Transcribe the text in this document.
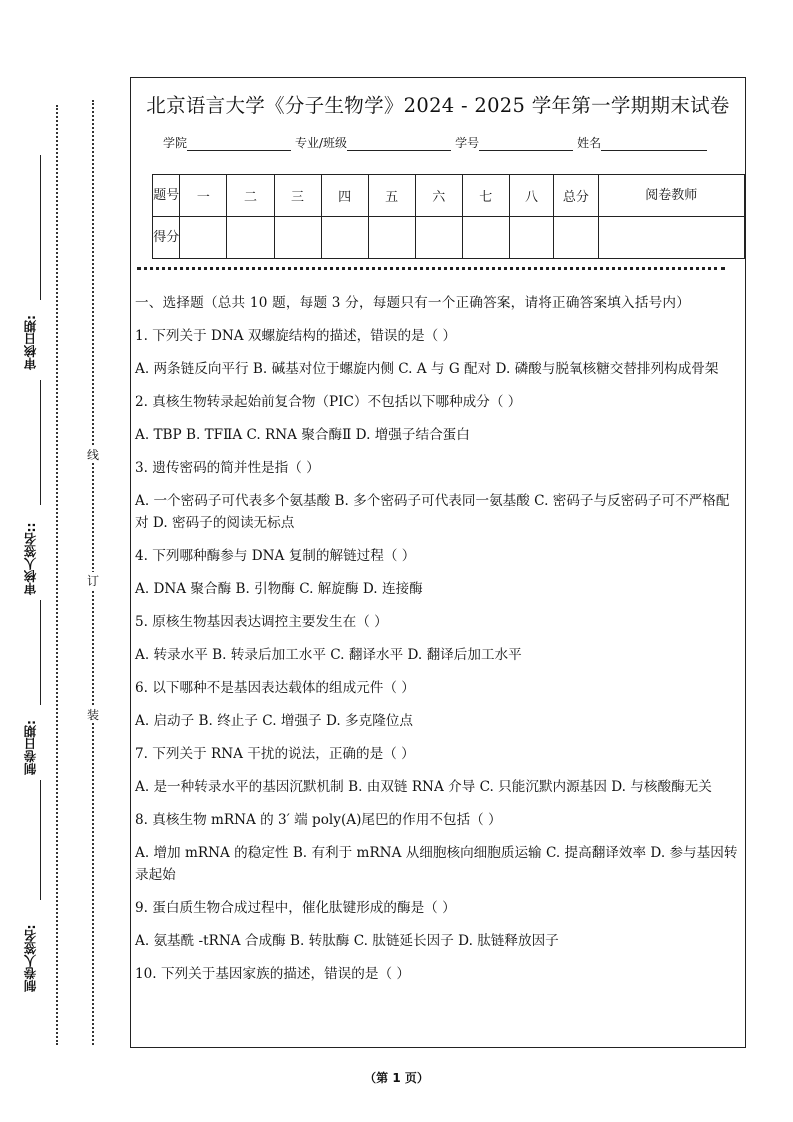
审核日期:
审核人签名::
制卷日期:
制卷人签名:
线
订
装
北京语言大学《分子生物学》2024 - 2025 学年第一学期期末试卷
学院	专业/班级	学号	姓名
题号	一	二	三	四	五	六	七	八	总分	阅卷教师
得分										

一、选择题（总共 10 题，每题 3 分，每题只有一个正确答案，请将正确答案填入括号内）

1. 下列关于 DNA 双螺旋结构的描述，错误的是（ ）

A. 两条链反向平行 B. 碱基对位于螺旋内侧 C. A 与 G 配对 D. 磷酸与脱氧核糖交替排列构成骨架

2. 真核生物转录起始前复合物（PIC）不包括以下哪种成分（ ）

A. TBP B. TFⅡA C. RNA 聚合酶Ⅱ D. 增强子结合蛋白

3. 遗传密码的简并性是指（ ）

A. 一个密码子可代表多个氨基酸 B. 多个密码子可代表同一氨基酸 C. 密码子与反密码子可不严格配对 D. 密码子的阅读无标点

4. 下列哪种酶参与 DNA 复制的解链过程（ ）

A. DNA 聚合酶 B. 引物酶 C. 解旋酶 D. 连接酶

5. 原核生物基因表达调控主要发生在（ ）

A. 转录水平 B. 转录后加工水平 C. 翻译水平 D. 翻译后加工水平

6. 以下哪种不是基因表达载体的组成元件（ ）

A. 启动子 B. 终止子 C. 增强子 D. 多克隆位点

7. 下列关于 RNA 干扰的说法，正确的是（ ）

A. 是一种转录水平的基因沉默机制 B. 由双链 RNA 介导 C. 只能沉默内源基因 D. 与核酸酶无关

8. 真核生物 mRNA 的 3′ 端 poly(A)尾巴的作用不包括（ ）

A. 增加 mRNA 的稳定性 B. 有利于 mRNA 从细胞核向细胞质运输 C. 提高翻译效率 D. 参与基因转录起始

9. 蛋白质生物合成过程中，催化肽键形成的酶是（ ）

A. 氨基酰 -tRNA 合成酶 B. 转肽酶 C. 肽链延长因子 D. 肽链释放因子

10. 下列关于基因家族的描述，错误的是（ ）

（第 1 页）
